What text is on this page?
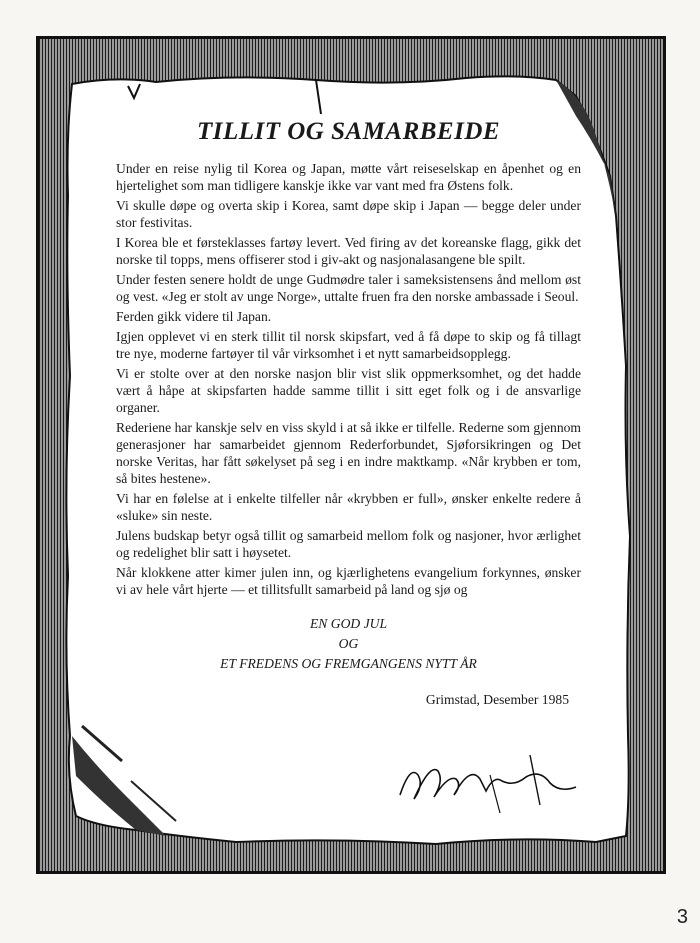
TILLIT OG SAMARBEIDE

Under en reise nylig til Korea og Japan, møtte vårt reiseselskap en åpenhet og en hjertelighet som man tidligere kanskje ikke var vant med fra Østens folk.

Vi skulle døpe og overta skip i Korea, samt døpe skip i Japan — begge deler under stor festivitas.

I Korea ble et førsteklasses fartøy levert. Ved firing av det koreanske flagg, gikk det norske til topps, mens offiserer stod i giv-akt og nasjonalasangene ble spilt.

Under festen senere holdt de unge Gudmødre taler i sameksistensens ånd mellom øst og vest. «Jeg er stolt av unge Norge», uttalte fruen fra den norske ambassade i Seoul.

Ferden gikk videre til Japan.

Igjen opplevet vi en sterk tillit til norsk skipsfart, ved å få døpe to skip og få tillagt tre nye, moderne fartøyer til vår virksomhet i et nytt samarbeidsopplegg.

Vi er stolte over at den norske nasjon blir vist slik oppmerksomhet, og det hadde vært å håpe at skipsfarten hadde samme tillit i sitt eget folk og i de ansvarlige organer.

Rederiene har kanskje selv en viss skyld i at så ikke er tilfelle. Rederne som gjennom generasjoner har samarbeidet gjennom Rederforbundet, Sjøforsikringen og Det norske Veritas, har fått søkelyset på seg i en indre maktkamp. «Når krybben er tom, så bites hestene».

Vi har en følelse at i enkelte tilfeller når «krybben er full», ønsker enkelte redere å «sluke» sin neste.

Julens budskap betyr også tillit og samarbeid mellom folk og nasjoner, hvor ærlighet og redelighet blir satt i høysetet.

Når klokkene atter kimer julen inn, og kjærlighetens evangelium forkynnes, ønsker vi av hele vårt hjerte — et tillitsfullt samarbeid på land og sjø og

EN GOD JUL
OG
ET FREDENS OG FREMGANGENS NYTT ÅR
Grimstad, Desember 1985
3
